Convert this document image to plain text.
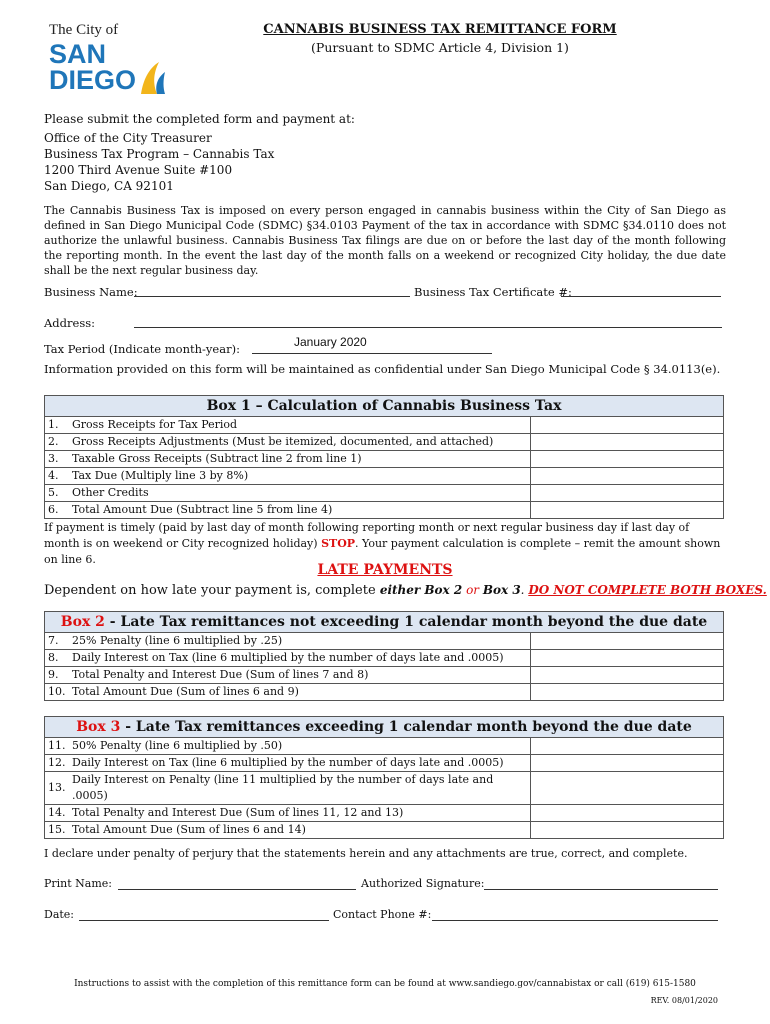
The City of
SAN
DIEGO
CANNABIS BUSINESS TAX REMITTANCE FORM
(Pursuant to SDMC Article 4, Division 1)
Please submit the completed form and payment at:
Office of the City Treasurer
Business Tax Program – Cannabis Tax
1200 Third Avenue Suite #100
San Diego, CA 92101
The Cannabis Business Tax is imposed on every person engaged in cannabis business within the City of San Diego as defined in San Diego Municipal Code (SDMC) §34.0103 Payment of the tax in accordance with SDMC §34.0110 does not authorize the unlawful business. Cannabis Business Tax filings are due on or before the last day of the month following the reporting month. In the event the last day of the month falls on a weekend or recognized City holiday, the due date shall be the next regular business day.
Business Name:	Business Tax Certificate #:
Address:
Tax Period (Indicate month-year):	January 2020
Information provided on this form will be maintained as confidential under San Diego Municipal Code § 34.0113(e).
Box 1 – Calculation of Cannabis Business Tax		
1.	Gross Receipts for Tax Period	
2.	Gross Receipts Adjustments (Must be itemized, documented, and attached)	
3.	Taxable Gross Receipts (Subtract line 2 from line 1)	
4.	Tax Due (Multiply line 3 by 8%)	
5.	Other Credits	
6.	Total Amount Due (Subtract line 5 from line 4)	
If payment is timely (paid by last day of month following reporting month or next regular business day if last day of month is on weekend or City recognized holiday) STOP. Your payment calculation is complete – remit the amount shown on line 6.
LATE PAYMENTS
Dependent on how late your payment is, complete either Box 2 or Box 3. DO NOT COMPLETE BOTH BOXES.
Box 2 - Late Tax remittances not exceeding 1 calendar month beyond the due date		
7.	25% Penalty (line 6 multiplied by .25)	
8.	Daily Interest on Tax (line 6 multiplied by the number of days late and .0005)	
9.	Total Penalty and Interest Due (Sum of lines 7 and 8)	
10.	Total Amount Due (Sum of lines 6 and 9)	
Box 3 - Late Tax remittances exceeding 1 calendar month beyond the due date		
11.	50% Penalty (line 6 multiplied by .50)	
12.	Daily Interest on Tax (line 6 multiplied by the number of days late and .0005)	
13.	Daily Interest on Penalty (line 11 multiplied by the number of days late and .0005)	
14.	Total Penalty and Interest Due (Sum of lines 11, 12 and 13)	
15.	Total Amount Due (Sum of lines 6 and 14)	
I declare under penalty of perjury that the statements herein and any attachments are true, correct, and complete.
Print Name:	Authorized Signature:
Date:	Contact Phone #:
Instructions to assist with the completion of this remittance form can be found at www.sandiego.gov/cannabistax or call (619) 615-1580
REV. 08/01/2020
